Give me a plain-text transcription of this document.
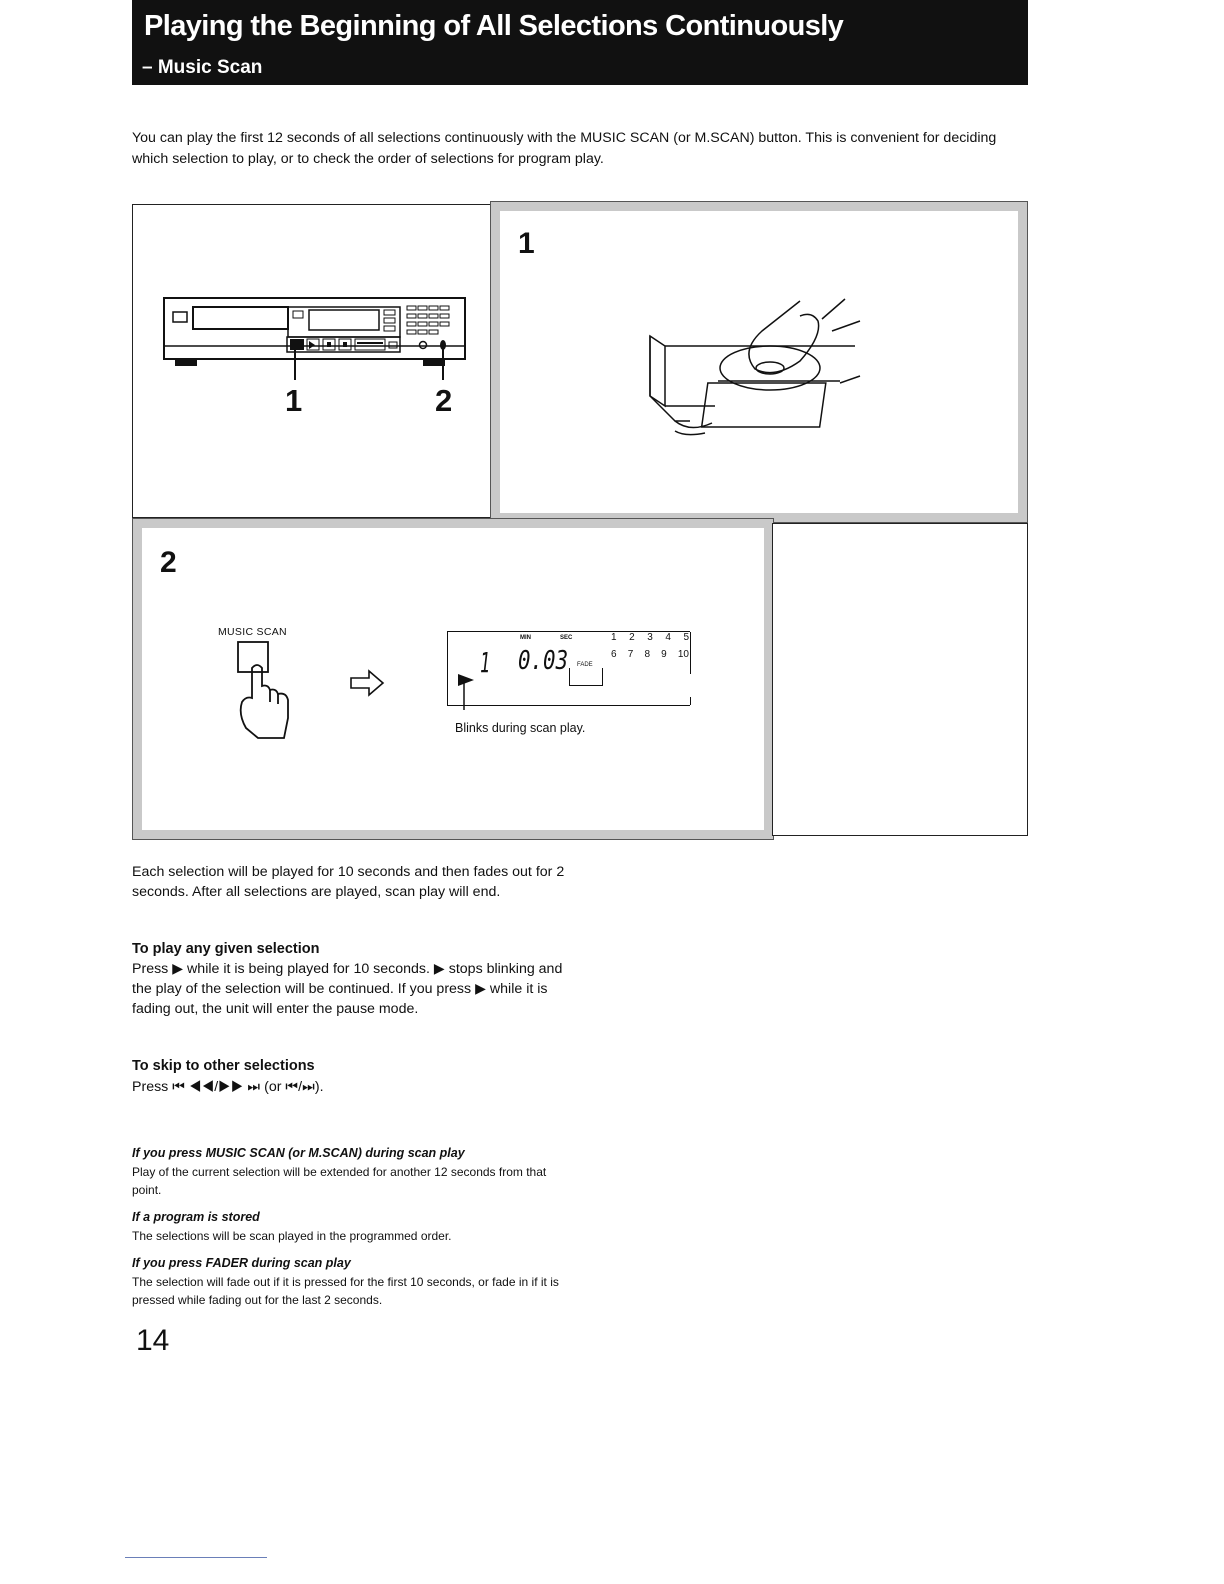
Playing the Beginning of All Selections Continuously
– Music Scan
You can play the first 12 seconds of all selections continuously with the MUSIC SCAN (or M.SCAN) button. This is convenient for deciding which selection to play, or to check the order of selections for program play.
1	2
1
2
MUSIC SCAN
1 0.03
MIN	SEC	1 2 3 4 5
6 7 8 9 10
FADE
Blinks during scan play.
Each selection will be played for 10 seconds and then fades out for 2 seconds. After all selections are played, scan play will end.
To play any given selection
Press ▶ while it is being played for 10 seconds. ▶ stops blinking and the play of the selection will be continued. If you press ▶ while it is fading out, the unit will enter the pause mode.
To skip to other selections
Press ⏮ ◀◀/▶▶ ⏭ (or ⏮/⏭).
If you press MUSIC SCAN (or M.SCAN) during scan play
Play of the current selection will be extended for another 12 seconds from that point.
If a program is stored
The selections will be scan played in the programmed order.
If you press FADER during scan play
The selection will fade out if it is pressed for the first 10 seconds, or fade in if it is pressed while fading out for the last 2 seconds.
14
